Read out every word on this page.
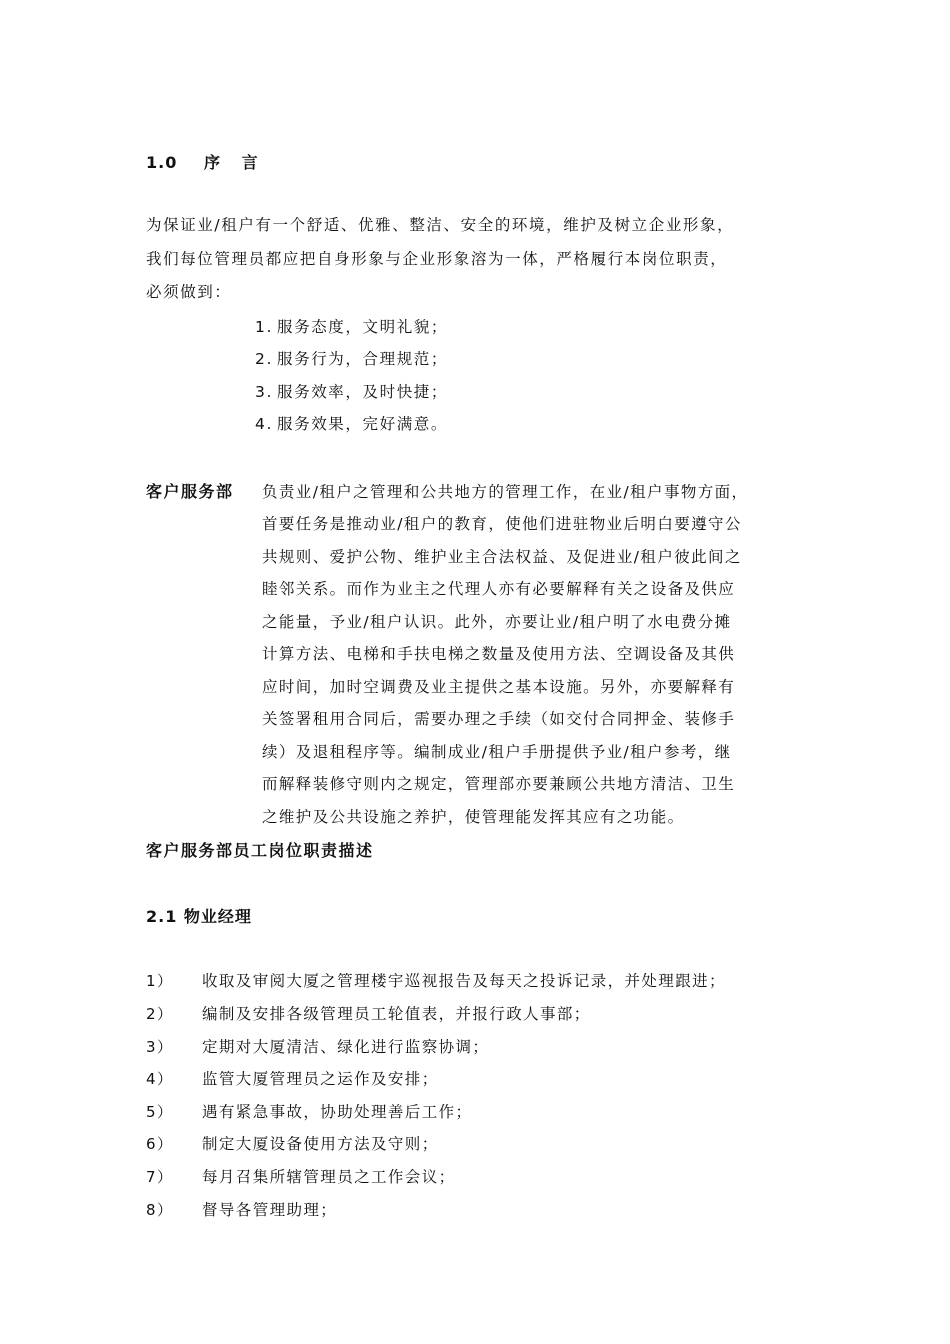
1.0 序 言
为保证业/租户有一个舒适、优雅、整洁、安全的环境，维护及树立企业形象，
我们每位管理员都应把自身形象与企业形象溶为一体，严格履行本岗位职责，
必须做到：
1. 服务态度，文明礼貌；
2. 服务行为，合理规范；
3. 服务效率，及时快捷；
4. 服务效果，完好满意。
客户服务部 负责业/租户之管理和公共地方的管理工作，在业/租户事物方面，
首要任务是推动业/租户的教育，使他们进驻物业后明白要遵守公
共规则、爱护公物、维护业主合法权益、及促进业/租户彼此间之
睦邻关系。而作为业主之代理人亦有必要解释有关之设备及供应
之能量，予业/租户认识。此外，亦要让业/租户明了水电费分摊
计算方法、电梯和手扶电梯之数量及使用方法、空调设备及其供
应时间，加时空调费及业主提供之基本设施。另外，亦要解释有
关签署租用合同后，需要办理之手续（如交付合同押金、装修手
续）及退租程序等。编制成业/租户手册提供予业/租户参考，继
而解释装修守则内之规定，管理部亦要兼顾公共地方清洁、卫生
之维护及公共设施之养护，使管理能发挥其应有之功能。
客户服务部员工岗位职责描述
2.1 物业经理
1） 收取及审阅大厦之管理楼宇巡视报告及每天之投诉记录，并处理跟进；
2） 编制及安排各级管理员工轮值表，并报行政人事部；
3） 定期对大厦清洁、绿化进行监察协调；
4） 监管大厦管理员之运作及安排；
5） 遇有紧急事故，协助处理善后工作；
6） 制定大厦设备使用方法及守则；
7） 每月召集所辖管理员之工作会议；
8） 督导各管理助理；
